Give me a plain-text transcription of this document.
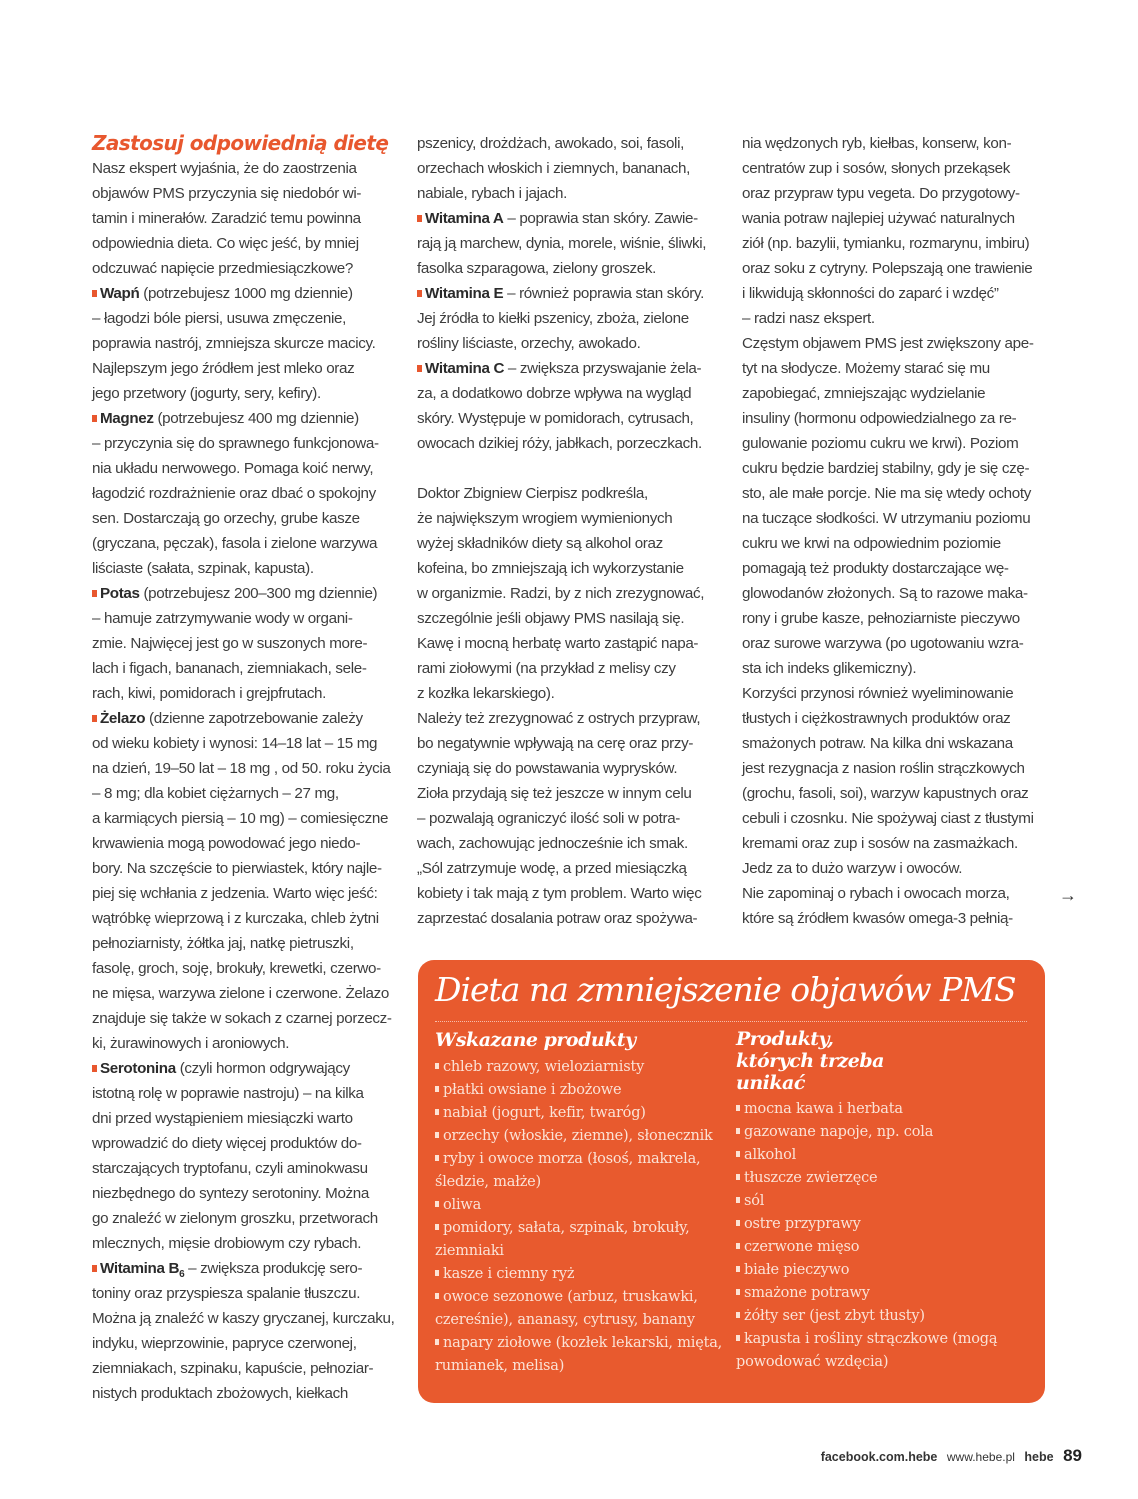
Zastosuj odpowiednią dietę
Nasz ekspert wyjaśnia, że do zaostrzenia
objawów PMS przyczynia się niedobór wi-
tamin i minerałów. Zaradzić temu powinna
odpowiednia dieta. Co więc jeść, by mniej
odczuwać napięcie przedmiesiączkowe?
Wapń (potrzebujesz 1000 mg dziennie)
– łagodzi bóle piersi, usuwa zmęczenie,
poprawia nastrój, zmniejsza skurcze macicy.
Najlepszym jego źródłem jest mleko oraz
jego przetwory (jogurty, sery, kefiry).
Magnez (potrzebujesz 400 mg dziennie)
– przyczynia się do sprawnego funkcjonowa-
nia układu nerwowego. Pomaga koić nerwy,
łagodzić rozdrażnienie oraz dbać o spokojny
sen. Dostarczają go orzechy, grube kasze
(gryczana, pęczak), fasola i zielone warzywa
liściaste (sałata, szpinak, kapusta).
Potas (potrzebujesz 200–300 mg dziennie)
– hamuje zatrzymywanie wody w organi-
zmie. Najwięcej jest go w suszonych more-
lach i figach, bananach, ziemniakach, sele-
rach, kiwi, pomidorach i grejpfrutach.
Żelazo (dzienne zapotrzebowanie zależy
od wieku kobiety i wynosi: 14–18 lat – 15 mg
na dzień, 19–50 lat – 18 mg , od 50. roku życia
– 8 mg; dla kobiet ciężarnych – 27 mg,
a karmiących piersią – 10 mg) – comiesięczne
krwawienia mogą powodować jego niedo-
bory. Na szczęście to pierwiastek, który najle-
piej się wchłania z jedzenia. Warto więc jeść:
wątróbkę wieprzową i z kurczaka, chleb żytni
pełnoziarnisty, żółtka jaj, natkę pietruszki,
fasolę, groch, soję, brokuły, krewetki, czerwo-
ne mięsa, warzywa zielone i czerwone. Żelazo
znajduje się także w sokach z czarnej porzecz-
ki, żurawinowych i aroniowych.
Serotonina (czyli hormon odgrywający
istotną rolę w poprawie nastroju) – na kilka
dni przed wystąpieniem miesiączki warto
wprowadzić do diety więcej produktów do-
starczających tryptofanu, czyli aminokwasu
niezbędnego do syntezy serotoniny. Można
go znaleźć w zielonym groszku, przetworach
mlecznych, mięsie drobiowym czy rybach.
Witamina $B_6$ – zwiększa produkcję sero-
toniny oraz przyspiesza spalanie tłuszczu.
Można ją znaleźć w kaszy gryczanej, kurczaku,
indyku, wieprzowinie, papryce czerwonej,
ziemniakach, szpinaku, kapuście, pełnoziar-
nistych produktach zbożowych, kiełkach
pszenicy, drożdżach, awokado, soi, fasoli,
orzechach włoskich i ziemnych, bananach,
nabiale, rybach i jajach.
Witamina A – poprawia stan skóry. Zawie-
rają ją marchew, dynia, morele, wiśnie, śliwki,
fasolka szparagowa, zielony groszek.
Witamina E – również poprawia stan skóry.
Jej źródła to kiełki pszenicy, zboża, zielone
rośliny liściaste, orzechy, awokado.
Witamina C – zwiększa przyswajanie żela-
za, a dodatkowo dobrze wpływa na wygląd
skóry. Występuje w pomidorach, cytrusach,
owocach dzikiej róży, jabłkach, porzeczkach.
Doktor Zbigniew Cierpisz podkreśla,
że największym wrogiem wymienionych
wyżej składników diety są alkohol oraz
kofeina, bo zmniejszają ich wykorzystanie
w organizmie. Radzi, by z nich zrezygnować,
szczególnie jeśli objawy PMS nasilają się.
Kawę i mocną herbatę warto zastąpić napa-
rami ziołowymi (na przykład z melisy czy
z kozłka lekarskiego).
Należy też zrezygnować z ostrych przypraw,
bo negatywnie wpływają na cerę oraz przy-
czyniają się do powstawania wyprysków.
Zioła przydają się też jeszcze w innym celu
– pozwalają ograniczyć ilość soli w potra-
wach, zachowując jednocześnie ich smak.
„Sól zatrzymuje wodę, a przed miesiączką
kobiety i tak mają z tym problem. Warto więc
zaprzestać dosalania potraw oraz spożywa-
nia wędzonych ryb, kiełbas, konserw, kon-
centratów zup i sosów, słonych przekąsek
oraz przypraw typu vegeta. Do przygotowy-
wania potraw najlepiej używać naturalnych
ziół (np. bazylii, tymianku, rozmarynu, imbiru)
oraz soku z cytryny. Polepszają one trawienie
i likwidują skłonności do zaparć i wzdęć”
– radzi nasz ekspert.
Częstym objawem PMS jest zwiększony ape-
tyt na słodycze. Możemy starać się mu
zapobiegać, zmniejszając wydzielanie
insuliny (hormonu odpowiedzialnego za re-
gulowanie poziomu cukru we krwi). Poziom
cukru będzie bardziej stabilny, gdy je się czę-
sto, ale małe porcje. Nie ma się wtedy ochoty
na tuczące słodkości. W utrzymaniu poziomu
cukru we krwi na odpowiednim poziomie
pomagają też produkty dostarczające wę-
glowodanów złożonych. Są to razowe maka-
rony i grube kasze, pełnoziarniste pieczywo
oraz surowe warzywa (po ugotowaniu wzra-
sta ich indeks glikemiczny).
Korzyści przynosi również wyeliminowanie
tłustych i ciężkostrawnych produktów oraz
smażonych potraw. Na kilka dni wskazana
jest rezygnacja z nasion roślin strączkowych
(grochu, fasoli, soi), warzyw kapustnych oraz
cebuli i czosnku. Nie spożywaj ciast z tłustymi
kremami oraz zup i sosów na zasmażkach.
Jedz za to dużo warzyw i owoców.
Nie zapominaj o rybach i owocach morza,
które są źródłem kwasów omega-3 pełnią-
→
Dieta na zmniejszenie objawów PMS
Wskazane produkty
chleb razowy, wieloziarnisty
płatki owsiane i zbożowe
nabiał (jogurt, kefir, twaróg)
orzechy (włoskie, ziemne), słonecznik
ryby i owoce morza (łosoś, makrela, śledzie, małże)
oliwa
pomidory, sałata, szpinak, brokuły, ziemniaki
kasze i ciemny ryż
owoce sezonowe (arbuz, truskawki, czereśnie), ananasy, cytrusy, banany
napary ziołowe (kozłek lekarski, mięta, rumianek, melisa)
Produkty,
których trzeba
unikać
mocna kawa i herbata
gazowane napoje, np. cola
alkohol
tłuszcze zwierzęce
sól
ostre przyprawy
czerwone mięso
białe pieczywo
smażone potrawy
żółty ser (jest zbyt tłusty)
kapusta i rośliny strączkowe (mogą powodować wzdęcia)
facebook.com.hebe www.hebe.pl hebe 89
